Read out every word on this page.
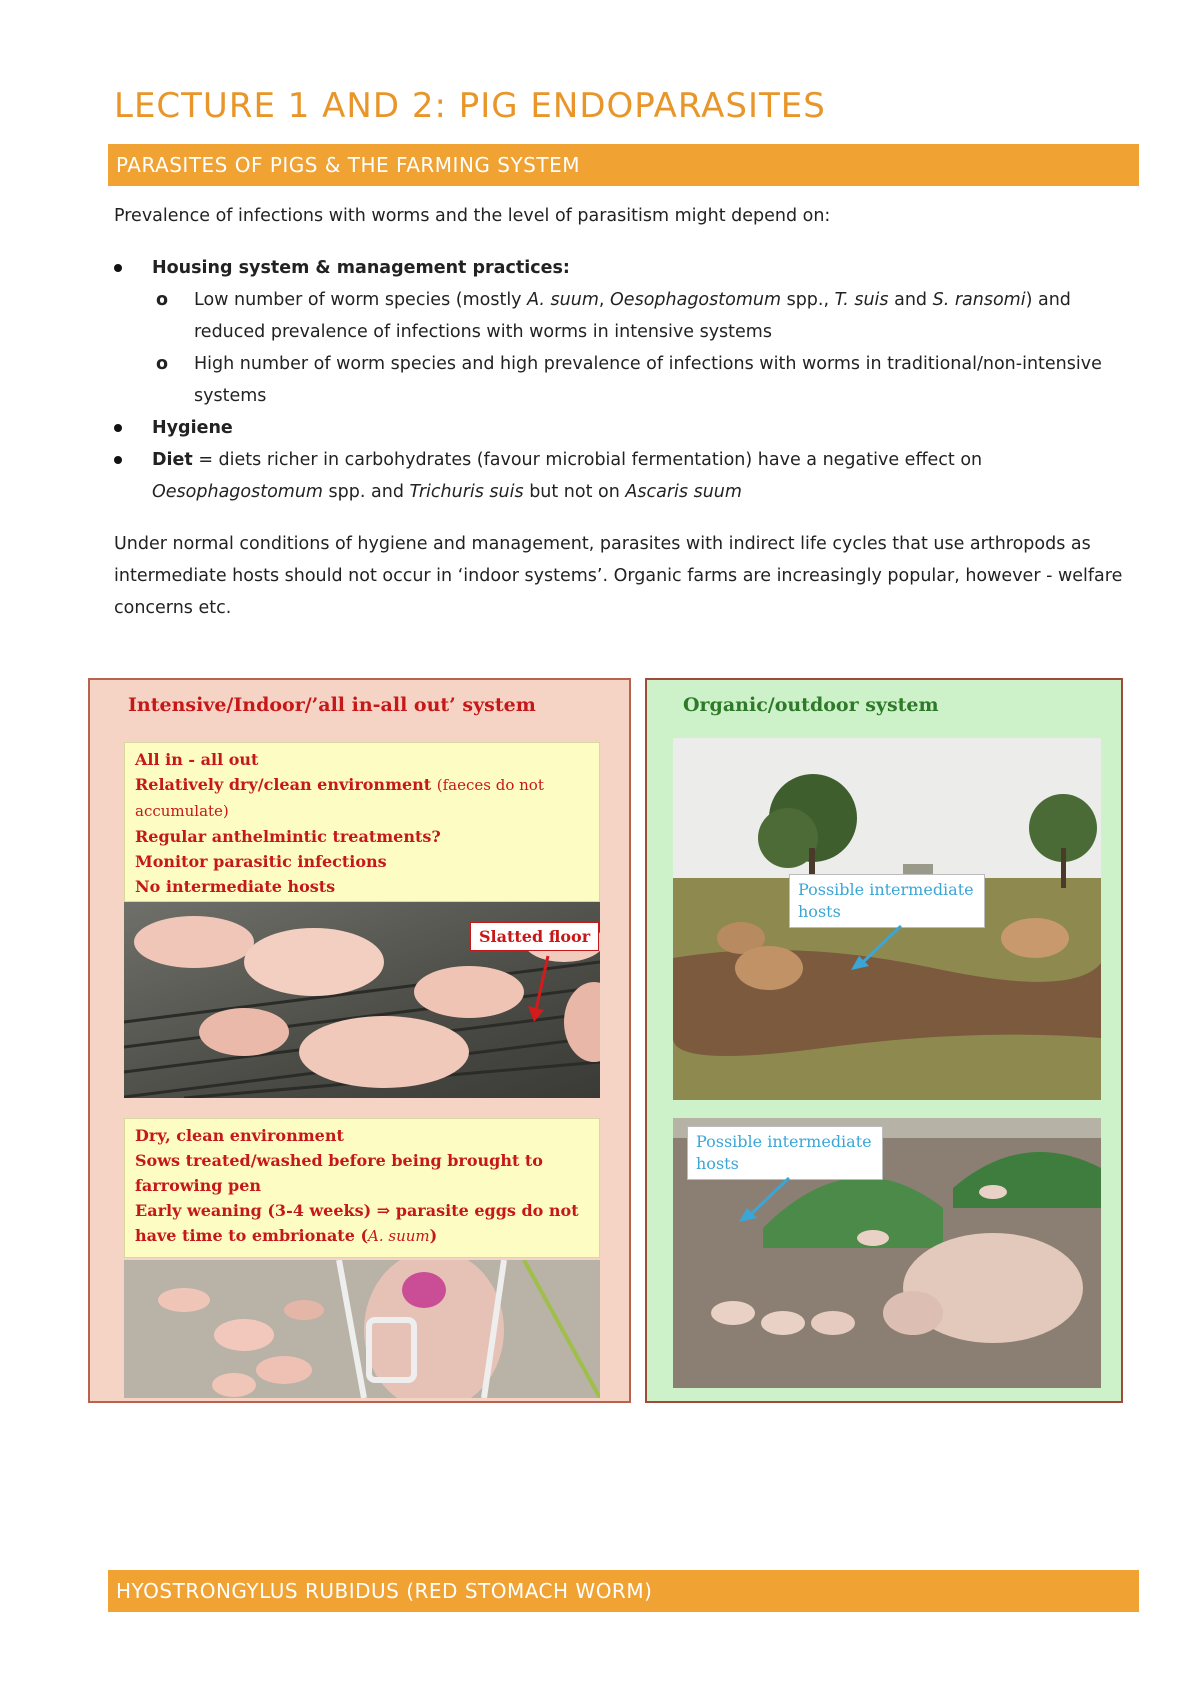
LECTURE 1 AND 2: PIG ENDOPARASITES
PARASITES OF PIGS & THE FARMING SYSTEM
Prevalence of infections with worms and the level of parasitism might depend on:
Housing system & management practices:
o Low number of worm species (mostly A. suum, Oesophagostomum spp., T. suis and S. ransomi) and reduced prevalence of infections with worms in intensive systems
o High number of worm species and high prevalence of infections with worms in traditional/non-intensive systems
Hygiene
Diet = diets richer in carbohydrates (favour microbial fermentation) have a negative effect on Oesophagostomum spp. and Trichuris suis but not on Ascaris suum
Under normal conditions of hygiene and management, parasites with indirect life cycles that use arthropods as intermediate hosts should not occur in ‘indoor systems’. Organic farms are increasingly popular, however - welfare concerns etc.
Intensive/Indoor/’all in-all out’ system
All in - all out
Relatively dry/clean environment (faeces do not accumulate)
Regular anthelmintic treatments?
Monitor parasitic infections
No intermediate hosts
Slatted floor
Dry, clean environment
Sows treated/washed before being brought to farrowing pen
Early weaning (3-4 weeks) ⇒ parasite eggs do not have time to embrionate (A. suum)
Organic/outdoor system
Possible intermediate hosts
Possible intermediate hosts
HYOSTRONGYLUS RUBIDUS (RED STOMACH WORM)
